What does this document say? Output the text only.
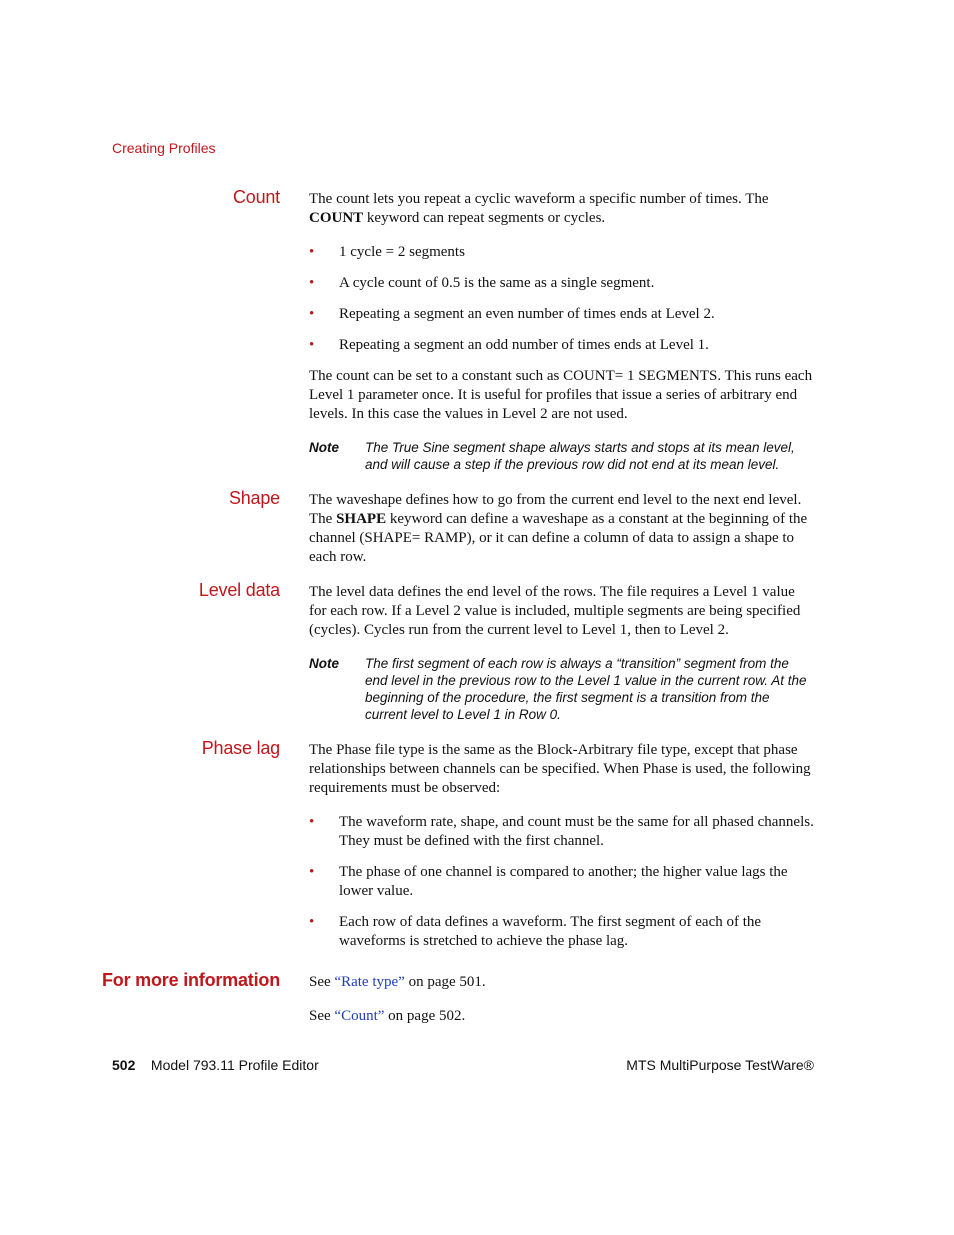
Creating Profiles
Count The count lets you repeat a cyclic waveform a specific number of times. The COUNT keyword can repeat segments or cycles.
• 1 cycle = 2 segments
• A cycle count of 0.5 is the same as a single segment.
• Repeating a segment an even number of times ends at Level 2.
• Repeating a segment an odd number of times ends at Level 1.
The count can be set to a constant such as COUNT= 1 SEGMENTS. This runs each Level 1 parameter once. It is useful for profiles that issue a series of arbitrary end levels. In this case the values in Level 2 are not used.
Note The True Sine segment shape always starts and stops at its mean level, and will cause a step if the previous row did not end at its mean level.
Shape The waveshape defines how to go from the current end level to the next end level. The SHAPE keyword can define a waveshape as a constant at the beginning of the channel (SHAPE= RAMP), or it can define a column of data to assign a shape to each row.
Level data The level data defines the end level of the rows. The file requires a Level 1 value for each row. If a Level 2 value is included, multiple segments are being specified (cycles). Cycles run from the current level to Level 1, then to Level 2.
Note The first segment of each row is always a “transition” segment from the end level in the previous row to the Level 1 value in the current row. At the beginning of the procedure, the first segment is a transition from the current level to Level 1 in Row 0.
Phase lag The Phase file type is the same as the Block-Arbitrary file type, except that phase relationships between channels can be specified. When Phase is used, the following requirements must be observed:
• The waveform rate, shape, and count must be the same for all phased channels. They must be defined with the first channel.
• The phase of one channel is compared to another; the higher value lags the lower value.
• Each row of data defines a waveform. The first segment of each of the waveforms is stretched to achieve the phase lag.
For more information See “Rate type” on page 501.
See “Count” on page 502.
502 Model 793.11 Profile Editor	MTS MultiPurpose TestWare®
